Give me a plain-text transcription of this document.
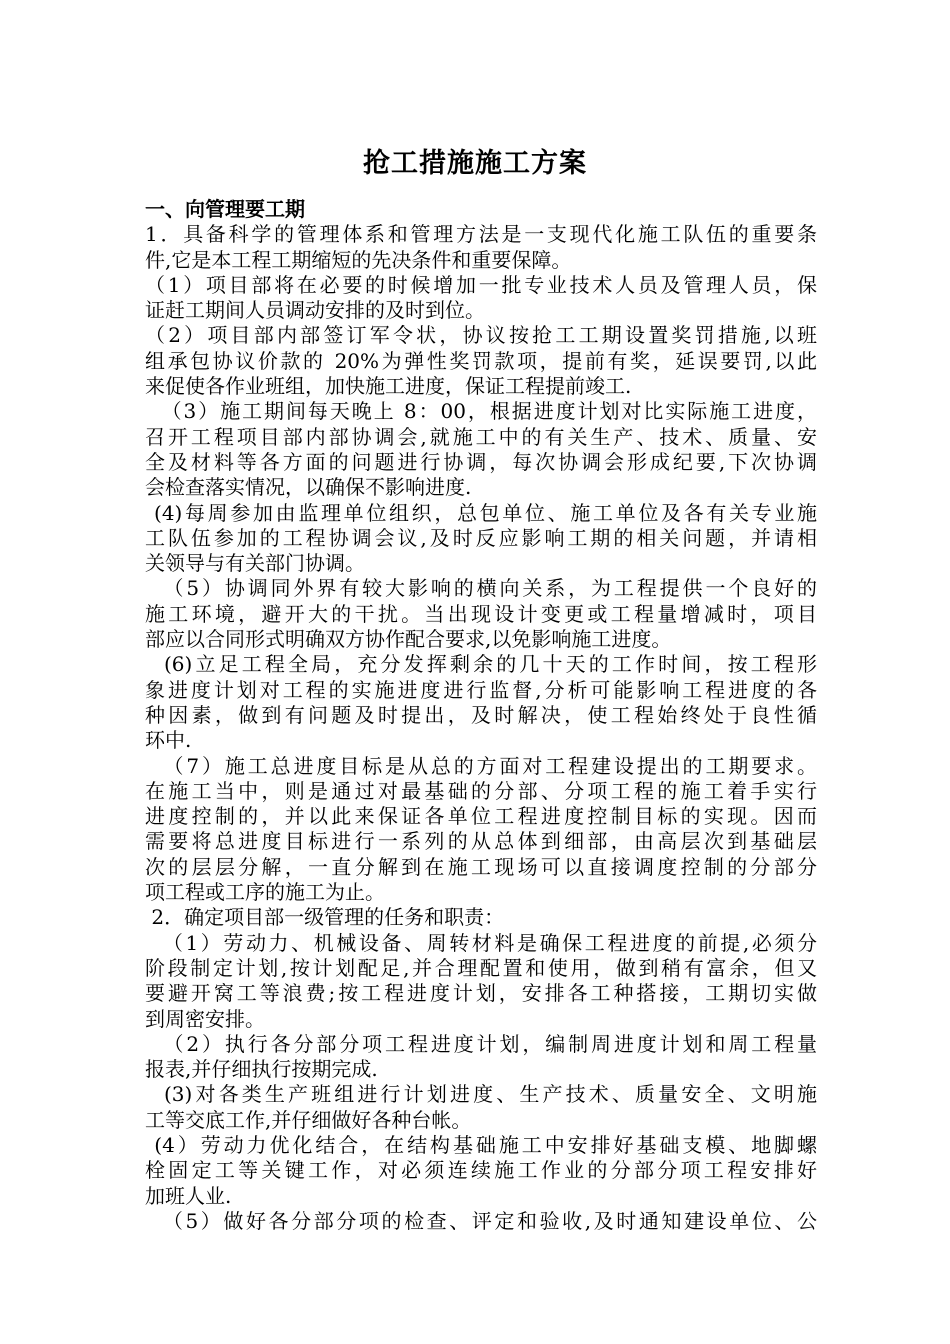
抢工措施施工方案
一、向管理要工期
1．具备科学的管理体系和管理方法是一支现代化施工队伍的重要条
件,它是本工程工期缩短的先决条件和重要保障。
（1）项目部将在必要的时候增加一批专业技术人员及管理人员，保
证赶工期间人员调动安排的及时到位。
（2）项目部内部签订军令状，协议按抢工工期设置奖罚措施,以班
组承包协议价款的 20%为弹性奖罚款项，提前有奖，延误要罚,以此
来促使各作业班组，加快施工进度，保证工程提前竣工.
（3）施工期间每天晚上 8：00，根据进度计划对比实际施工进度，
召开工程项目部内部协调会,就施工中的有关生产、技术、质量、安
全及材料等各方面的问题进行协调，每次协调会形成纪要,下次协调
会检查落实情况，以确保不影响进度.
(4)每周参加由监理单位组织，总包单位、施工单位及各有关专业施
工队伍参加的工程协调会议,及时反应影响工期的相关问题，并请相
关领导与有关部门协调。
（5）协调同外界有较大影响的横向关系，为工程提供一个良好的
施工环境，避开大的干扰。当出现设计变更或工程量增减时，项目
部应以合同形式明确双方协作配合要求,以免影响施工进度。
(6)立足工程全局，充分发挥剩余的几十天的工作时间，按工程形
象进度计划对工程的实施进度进行监督,分析可能影响工程进度的各
种因素，做到有问题及时提出，及时解决，使工程始终处于良性循
环中.
（7）施工总进度目标是从总的方面对工程建设提出的工期要求。
在施工当中，则是通过对最基础的分部、分项工程的施工着手实行
进度控制的，并以此来保证各单位工程进度控制目标的实现。因而
需要将总进度目标进行一系列的从总体到细部，由高层次到基础层
次的层层分解，一直分解到在施工现场可以直接调度控制的分部分
项工程或工序的施工为止。
2．确定项目部一级管理的任务和职责：
（1）劳动力、机械设备、周转材料是确保工程进度的前提,必须分
阶段制定计划,按计划配足,并合理配置和使用，做到稍有富余，但又
要避开窝工等浪费;按工程进度计划，安排各工种搭接，工期切实做
到周密安排。
（2）执行各分部分项工程进度计划，编制周进度计划和周工程量
报表,并仔细执行按期完成.
(3)对各类生产班组进行计划进度、生产技术、质量安全、文明施
工等交底工作,并仔细做好各种台帐。
(4）劳动力优化结合，在结构基础施工中安排好基础支模、地脚螺
栓固定工等关键工作，对必须连续施工作业的分部分项工程安排好
加班人业.
（5）做好各分部分项的检查、评定和验收,及时通知建设单位、公
